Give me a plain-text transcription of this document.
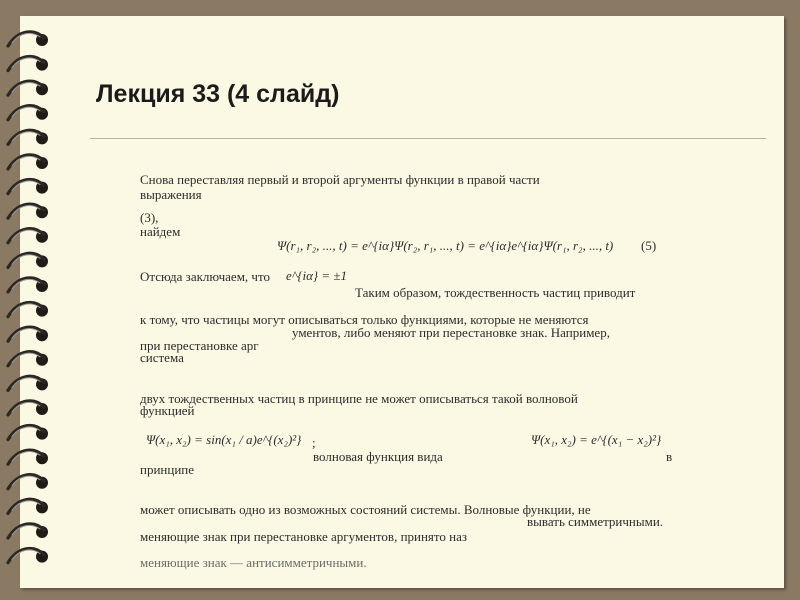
Лекция 33 (4 слайд)
Снова переставляя первый и второй аргументы функции в правой части
выражения
(3),
найдем
Ψ(r₁, r₂, ..., t) = e^{iα}Ψ(r₂, r₁, ..., t) = e^{iα}e^{iα}Ψ(r₁, r₂, ..., t) (5)
Отсюда заключаем, что e^{iα} = ±1
Таким образом, тождественность частиц приводит
к тому, что частицы могут описываться только функциями, которые не меняются
ументов, либо меняют при перестановке знак. Например,
при перестановке арг
система
двух тождественных частиц в принципе не может описываться такой волновой
функцией
Ψ(x₁, x₂) = sin(x₁ / a)e^{(x₂)²} ;	Ψ(x₁, x₂) = e^{(x₁ − x₂)²}
волновая функция вида	в
принципе
может описывать одно из возможных состояний системы. Волновые функции, не
вывать симметричными.
меняющие знак при перестановке аргументов, принято наз
меняющие знак — антисимметричными.
